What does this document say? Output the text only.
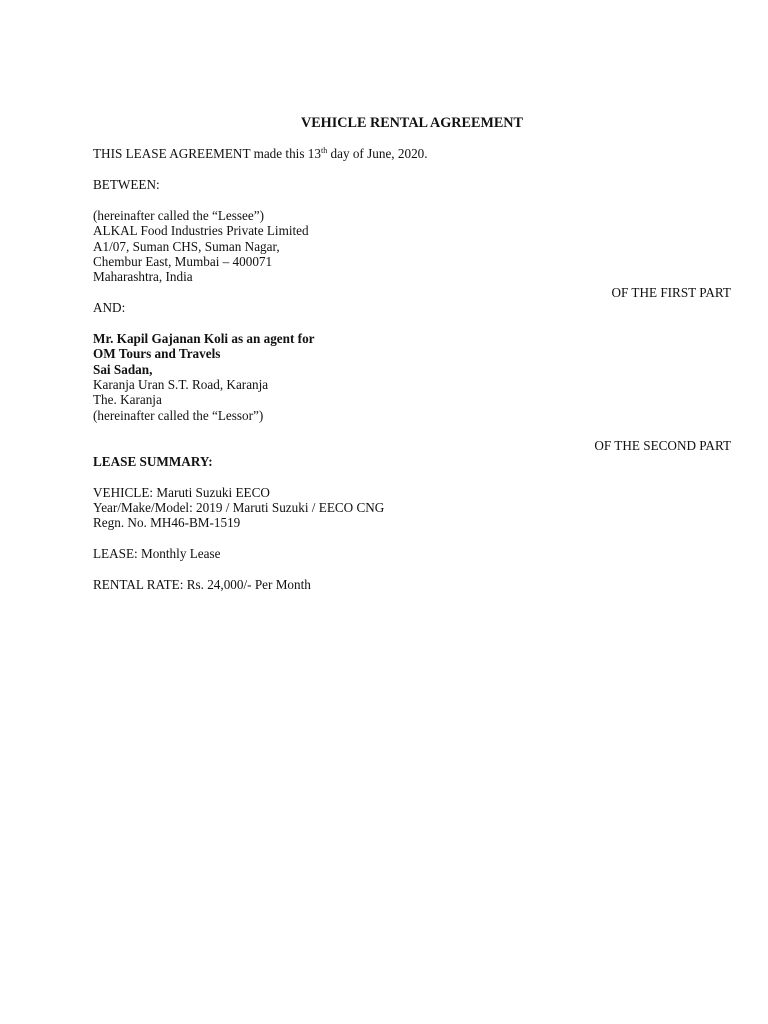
VEHICLE RENTAL AGREEMENT
THIS LEASE AGREEMENT made this 13th day of June, 2020.
BETWEEN:
(hereinafter called the “Lessee”)
ALKAL Food Industries Private Limited
A1/07, Suman CHS, Suman Nagar,
Chembur East, Mumbai – 400071
Maharashtra, India
OF THE FIRST PART
AND:
Mr. Kapil Gajanan Koli as an agent for
OM Tours and Travels
Sai Sadan,
Karanja Uran S.T. Road, Karanja
The. Karanja
(hereinafter called the “Lessor”)
OF THE SECOND PART
LEASE SUMMARY:
VEHICLE: Maruti Suzuki EECO
Year/Make/Model: 2019 / Maruti Suzuki / EECO CNG
Regn. No. MH46-BM-1519
LEASE: Monthly Lease
RENTAL RATE: Rs. 24,000/- Per Month
